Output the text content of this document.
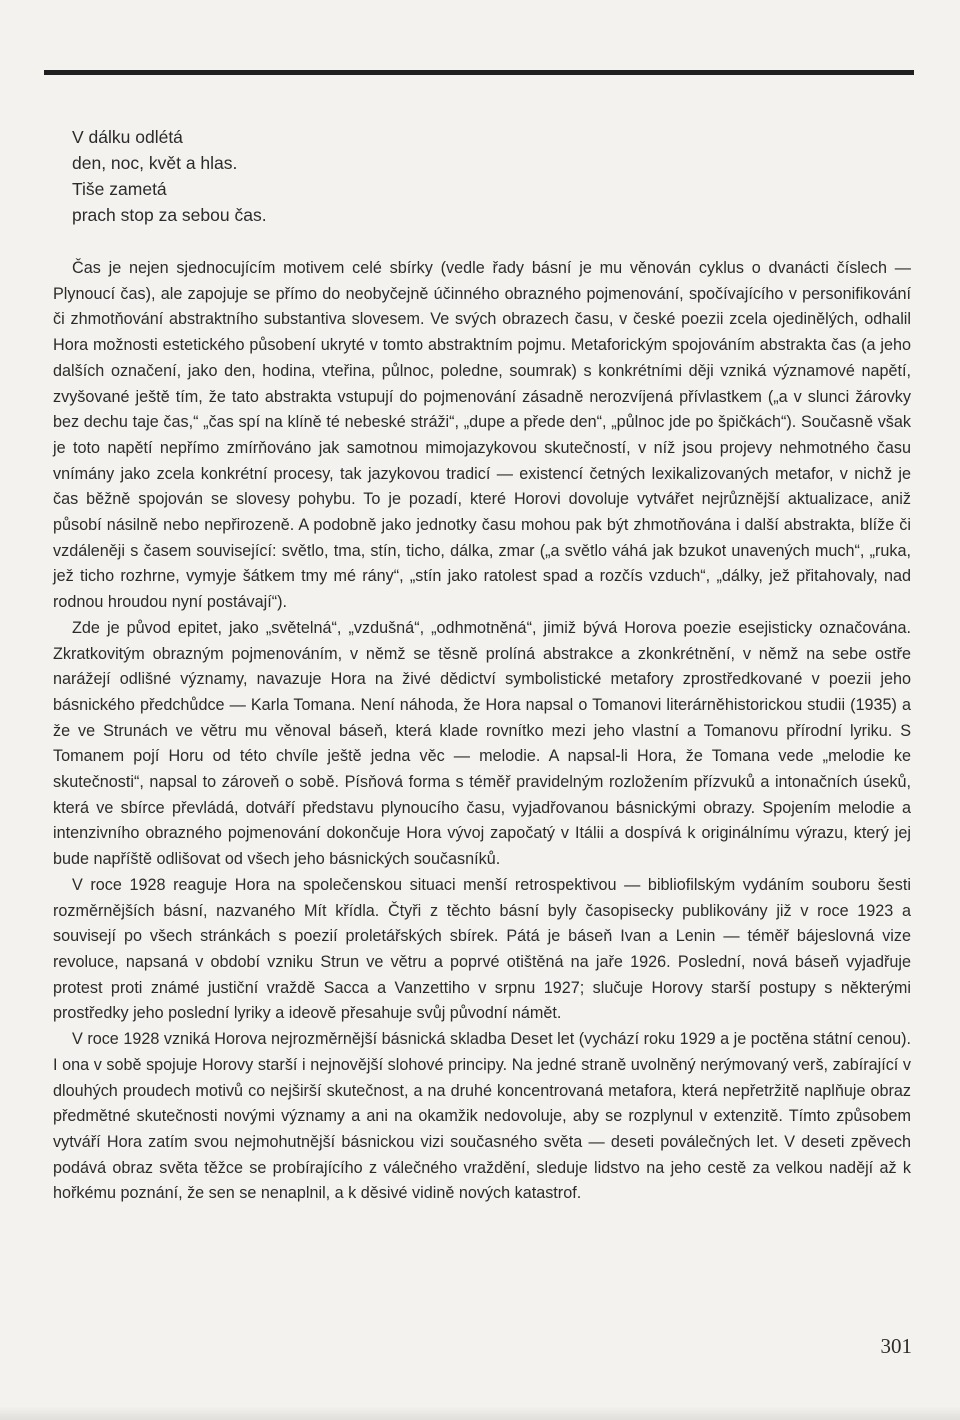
V dálku odlétá
den, noc, květ a hlas.
Tiše zametá
prach stop za sebou čas.

Čas je nejen sjednocujícím motivem celé sbírky (vedle řady básní je mu věnován cyklus o dvanácti číslech — Plynoucí čas), ale zapojuje se přímo do neobyčejně účinného obrazného pojmenování, spočívajícího v personifikování či zhmotňování abstraktního substantiva slovesem. Ve svých obrazech času, v české poezii zcela ojedinělých, odhalil Hora možnosti estetického působení ukryté v tomto abstraktním pojmu. Metaforickým spojováním abstrakta čas (a jeho dalších označení, jako den, hodina, vteřina, půlnoc, poledne, soumrak) s konkrétními ději vzniká významové napětí, zvyšované ještě tím, že tato abstrakta vstupují do pojmenování zásadně nerozvíjená přívlastkem („a v slunci žárovky bez dechu taje čas,“ „čas spí na klíně té nebeské stráži“, „dupe a přede den“, „půlnoc jde po špičkách“). Současně však je toto napětí nepřímo zmírňováno jak samotnou mimojazykovou skutečností, v níž jsou projevy nehmotného času vnímány jako zcela konkrétní procesy, tak jazykovou tradicí — existencí četných lexikalizovaných metafor, v nichž je čas běžně spojován se slovesy pohybu. To je pozadí, které Horovi dovoluje vytvářet nejrůznější aktualizace, aniž působí násilně nebo nepřirozeně. A podobně jako jednotky času mohou pak být zhmotňována i další abstrakta, blíže či vzdáleněji s časem související: světlo, tma, stín, ticho, dálka, zmar („a světlo váhá jak bzukot unavených much“, „ruka, jež ticho rozhrne, vymyje šátkem tmy mé rány“, „stín jako ratolest spad a rozčís vzduch“, „dálky, jež přitahovaly, nad rodnou hroudou nyní postávají“).

Zde je původ epitet, jako „světelná“, „vzdušná“, „odhmotněná“, jimiž bývá Horova poezie esejisticky označována. Zkratkovitým obrazným pojmenováním, v němž se těsně prolíná abstrakce a zkonkrétnění, v němž na sebe ostře narážejí odlišné významy, navazuje Hora na živé dědictví symbolistické metafory zprostředkované v poezii jeho básnického předchůdce — Karla Tomana. Není náhoda, že Hora napsal o Tomanovi literárněhistorickou studii (1935) a že ve Strunách ve větru mu věnoval báseň, která klade rovnítko mezi jeho vlastní a Tomanovu přírodní lyriku. S Tomanem pojí Horu od této chvíle ještě jedna věc — melodie. A napsal-li Hora, že Tomana vede „melodie ke skutečnosti“, napsal to zároveň o sobě. Písňová forma s téměř pravidelným rozložením přízvuků a intonačních úseků, která ve sbírce převládá, dotváří představu plynoucího času, vyjadřovanou básnickými obrazy. Spojením melodie a intenzivního obrazného pojmenování dokončuje Hora vývoj započatý v Itálii a dospívá k originálnímu výrazu, který jej bude napříště odlišovat od všech jeho básnických současníků.

V roce 1928 reaguje Hora na společenskou situaci menší retrospektivou — bibliofilským vydáním souboru šesti rozměrnějších básní, nazvaného Mít křídla. Čtyři z těchto básní byly časopisecky publikovány již v roce 1923 a souvisejí po všech stránkách s poezií proletářských sbírek. Pátá je báseň Ivan a Lenin — téměř bájeslovná vize revoluce, napsaná v období vzniku Strun ve větru a poprvé otištěná na jaře 1926. Poslední, nová báseň vyjadřuje protest proti známé justiční vraždě Sacca a Vanzettiho v srpnu 1927; slučuje Horovy starší postupy s některými prostředky jeho poslední lyriky a ideově přesahuje svůj původní námět.

V roce 1928 vzniká Horova nejrozměrnější básnická skladba Deset let (vychází roku 1929 a je poctěna státní cenou). I ona v sobě spojuje Horovy starší i nejnovější slohové principy. Na jedné straně uvolněný nerýmovaný verš, zabírající v dlouhých proudech motivů co nejširší skutečnost, a na druhé koncentrovaná metafora, která nepřetržitě naplňuje obraz předmětné skutečnosti novými významy a ani na okamžik nedovoluje, aby se rozplynul v extenzitě. Tímto způsobem vytváří Hora zatím svou nejmohutnější básnickou vizi současného světa — deseti poválečných let. V deseti zpěvech podává obraz světa těžce se probírajícího z válečného vraždění, sleduje lidstvo na jeho cestě za velkou nadějí až k hořkému poznání, že sen se nenaplnil, a k děsivé vidině nových katastrof.

301
